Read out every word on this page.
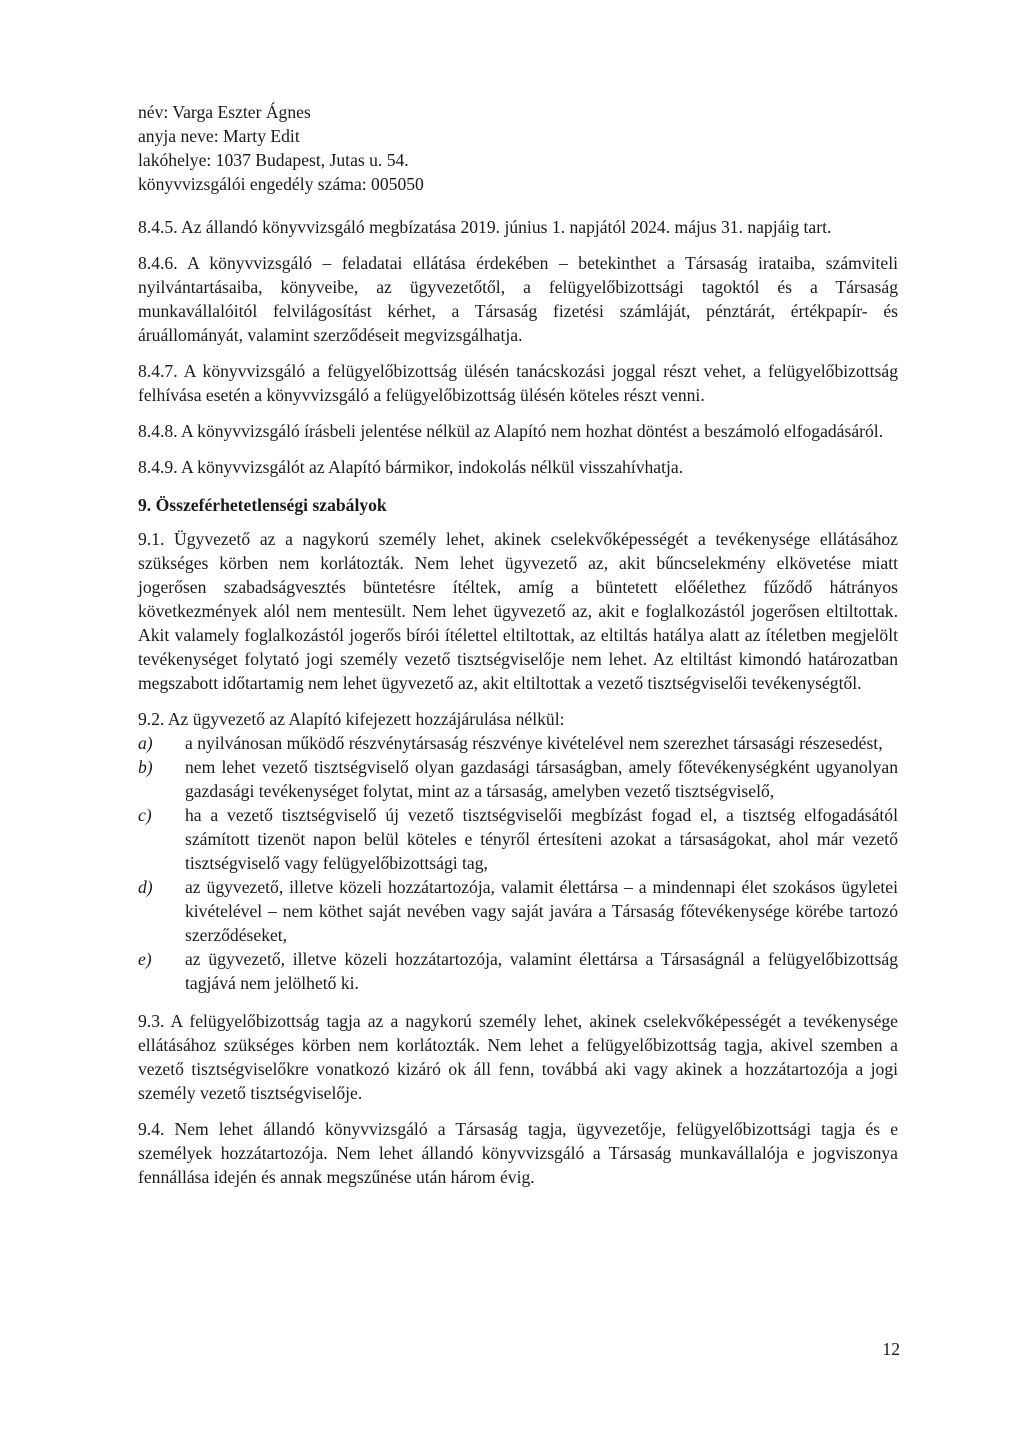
név: Varga Eszter Ágnes
anyja neve: Marty Edit
lakóhelye: 1037 Budapest, Jutas u. 54.
könyvvizsgálói engedély száma: 005050

8.4.5. Az állandó könyvvizsgáló megbízatása 2019. június 1. napjától 2024. május 31. napjáig tart.

8.4.6. A könyvvizsgáló – feladatai ellátása érdekében – betekinthet a Társaság irataiba, számviteli nyilvántartásaiba, könyveibe, az ügyvezetőtől, a felügyelőbizottsági tagoktól és a Társaság munkavállalóitól felvilágosítást kérhet, a Társaság fizetési számláját, pénztárát, értékpapír- és áruállományát, valamint szerződéseit megvizsgálhatja.

8.4.7. A könyvvizsgáló a felügyelőbizottság ülésén tanácskozási joggal részt vehet, a felügyelőbizottság felhívása esetén a könyvvizsgáló a felügyelőbizottság ülésén köteles részt venni.

8.4.8. A könyvvizsgáló írásbeli jelentése nélkül az Alapító nem hozhat döntést a beszámoló elfogadásáról.

8.4.9. A könyvvizsgálót az Alapító bármikor, indokolás nélkül visszahívhatja.

9. Összeférhetetlenségi szabályok

9.1. Ügyvezető az a nagykorú személy lehet, akinek cselekvőképességét a tevékenysége ellátásához szükséges körben nem korlátozták. Nem lehet ügyvezető az, akit bűncselekmény elkövetése miatt jogerősen szabadságvesztés büntetésre ítéltek, amíg a büntetett előélethez fűződő hátrányos következmények alól nem mentesült. Nem lehet ügyvezető az, akit e foglalkozástól jogerősen eltiltottak. Akit valamely foglalkozástól jogerős bírói ítélettel eltiltottak, az eltiltás hatálya alatt az ítéletben megjelölt tevékenységet folytató jogi személy vezető tisztségviselője nem lehet. Az eltiltást kimondó határozatban megszabott időtartamig nem lehet ügyvezető az, akit eltiltottak a vezető tisztségviselői tevékenységtől.

9.2. Az ügyvezető az Alapító kifejezett hozzájárulása nélkül:
a)	a nyilvánosan működő részvénytársaság részvénye kivételével nem szerezhet társasági részesedést,
b)	nem lehet vezető tisztségviselő olyan gazdasági társaságban, amely főtevékenységként ugyanolyan gazdasági tevékenységet folytat, mint az a társaság, amelyben vezető tisztségviselő,
c)	ha a vezető tisztségviselő új vezető tisztségviselői megbízást fogad el, a tisztség elfogadásától számított tizenöt napon belül köteles e tényről értesíteni azokat a társaságokat, ahol már vezető tisztségviselő vagy felügyelőbizottsági tag,
d)	az ügyvezető, illetve közeli hozzátartozója, valamit élettársa – a mindennapi élet szokásos ügyletei kivételével – nem köthet saját nevében vagy saját javára a Társaság főtevékenysége körébe tartozó szerződéseket,
e)	az ügyvezető, illetve közeli hozzátartozója, valamint élettársa a Társaságnál a felügyelőbizottság tagjává nem jelölhető ki.

9.3. A felügyelőbizottság tagja az a nagykorú személy lehet, akinek cselekvőképességét a tevékenysége ellátásához szükséges körben nem korlátozták. Nem lehet a felügyelőbizottság tagja, akivel szemben a vezető tisztségviselőkre vonatkozó kizáró ok áll fenn, továbbá aki vagy akinek a hozzátartozója a jogi személy vezető tisztségviselője.

9.4. Nem lehet állandó könyvvizsgáló a Társaság tagja, ügyvezetője, felügyelőbizottsági tagja és e személyek hozzátartozója. Nem lehet állandó könyvvizsgáló a Társaság munkavállalója e jogviszonya fennállása idején és annak megszűnése után három évig.

12
